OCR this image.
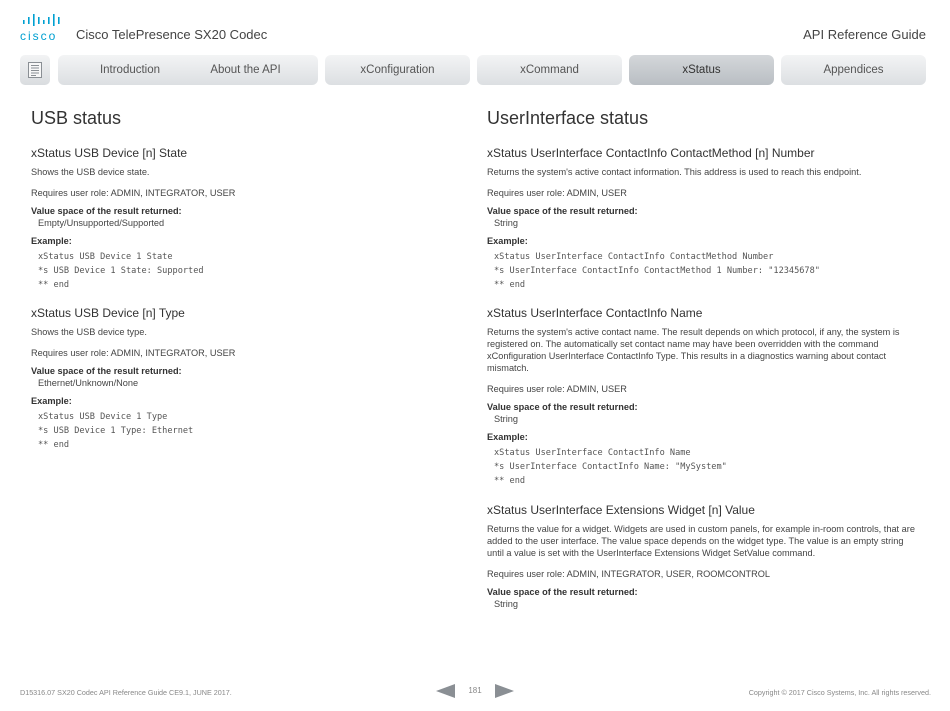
cisco Cisco TelePresence SX20 Codec	API Reference Guide
Introduction	About the API	xConfiguration	xCommand	xStatus	Appendices
USB status
xStatus USB Device [n] State

Shows the USB device state.

Requires user role: ADMIN, INTEGRATOR, USER

Value space of the result returned:

Empty/Unsupported/Supported

Example:

xStatus USB Device 1 State
*s USB Device 1 State: Supported
** end
xStatus USB Device [n] Type

Shows the USB device type.

Requires user role: ADMIN, INTEGRATOR, USER

Value space of the result returned:

Ethernet/Unknown/None

Example:

xStatus USB Device 1 Type
*s USB Device 1 Type: Ethernet
** end
UserInterface status
xStatus UserInterface ContactInfo ContactMethod [n] Number

Returns the system's active contact information. This address is used to reach this endpoint.

Requires user role: ADMIN, USER

Value space of the result returned:

String

Example:

xStatus UserInterface ContactInfo ContactMethod Number
*s UserInterface ContactInfo ContactMethod 1 Number: "12345678"
** end
xStatus UserInterface ContactInfo Name

Returns the system's active contact name. The result depends on which protocol, if any, the system is registered on. The automatically set contact name may have been overridden with the command xConfiguration UserInterface ContactInfo Type. This results in a diagnostics warning about contact mismatch.

Requires user role: ADMIN, USER

Value space of the result returned:

String

Example:

xStatus UserInterface ContactInfo Name
*s UserInterface ContactInfo Name: "MySystem"
** end
xStatus UserInterface Extensions Widget [n] Value

Returns the value for a widget. Widgets are used in custom panels, for example in-room controls, that are added to the user interface. The value space depends on the widget type. The value is an empty string until a value is set with the UserInterface Extensions Widget SetValue command.

Requires user role: ADMIN, INTEGRATOR, USER, ROOMCONTROL

Value space of the result returned:

String

D15316.07 SX20 Codec API Reference Guide CE9.1, JUNE 2017.	181	Copyright © 2017 Cisco Systems, Inc. All rights reserved.
